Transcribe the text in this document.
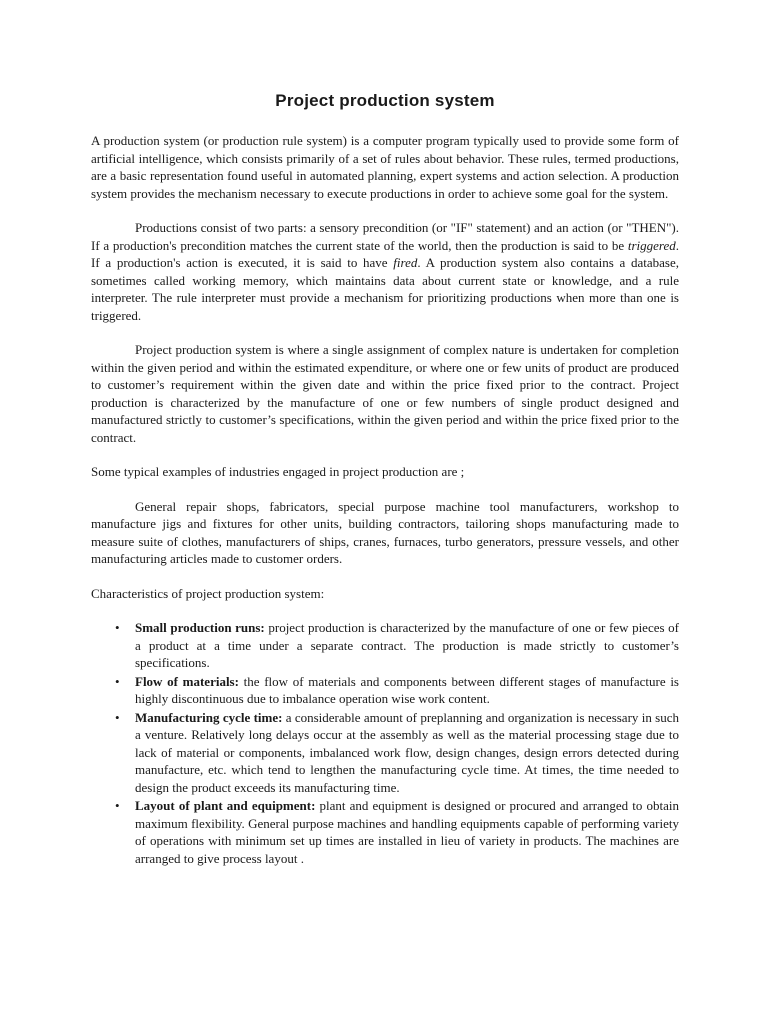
Project production system

A production system (or production rule system) is a computer program typically used to provide some form of artificial intelligence, which consists primarily of a set of rules about behavior. These rules, termed productions, are a basic representation found useful in automated planning, expert systems and action selection. A production system provides the mechanism necessary to execute productions in order to achieve some goal for the system.

Productions consist of two parts: a sensory precondition (or "IF" statement) and an action (or "THEN"). If a production's precondition matches the current state of the world, then the production is said to be triggered. If a production's action is executed, it is said to have fired. A production system also contains a database, sometimes called working memory, which maintains data about current state or knowledge, and a rule interpreter. The rule interpreter must provide a mechanism for prioritizing productions when more than one is triggered.

Project production system is where a single assignment of complex nature is undertaken for completion within the given period and within the estimated expenditure, or where one or few units of product are produced to customer’s requirement within the given date and within the price fixed prior to the contract. Project production is characterized by the manufacture of one or few numbers of single product designed and manufactured strictly to customer’s specifications, within the given period and within the price fixed prior to the contract.

Some typical examples of industries engaged in project production are ;

General repair shops, fabricators, special purpose machine tool manufacturers, workshop to manufacture jigs and fixtures for other units, building contractors, tailoring shops manufacturing made to measure suite of clothes, manufacturers of ships, cranes, furnaces, turbo generators, pressure vessels, and other manufacturing articles made to customer orders.

Characteristics of project production system:

• Small production runs: project production is characterized by the manufacture of one or few pieces of a product at a time under a separate contract. The production is made strictly to customer’s specifications.
• Flow of materials: the flow of materials and components between different stages of manufacture is highly discontinuous due to imbalance operation wise work content.
• Manufacturing cycle time: a considerable amount of preplanning and organization is necessary in such a venture. Relatively long delays occur at the assembly as well as the material processing stage due to lack of material or components, imbalanced work flow, design changes, design errors detected during manufacture, etc. which tend to lengthen the manufacturing cycle time. At times, the time needed to design the product exceeds its manufacturing time.
• Layout of plant and equipment: plant and equipment is designed or procured and arranged to obtain maximum flexibility. General purpose machines and handling equipments capable of performing variety of operations with minimum set up times are installed in lieu of variety in products. The machines are arranged to give process layout .
